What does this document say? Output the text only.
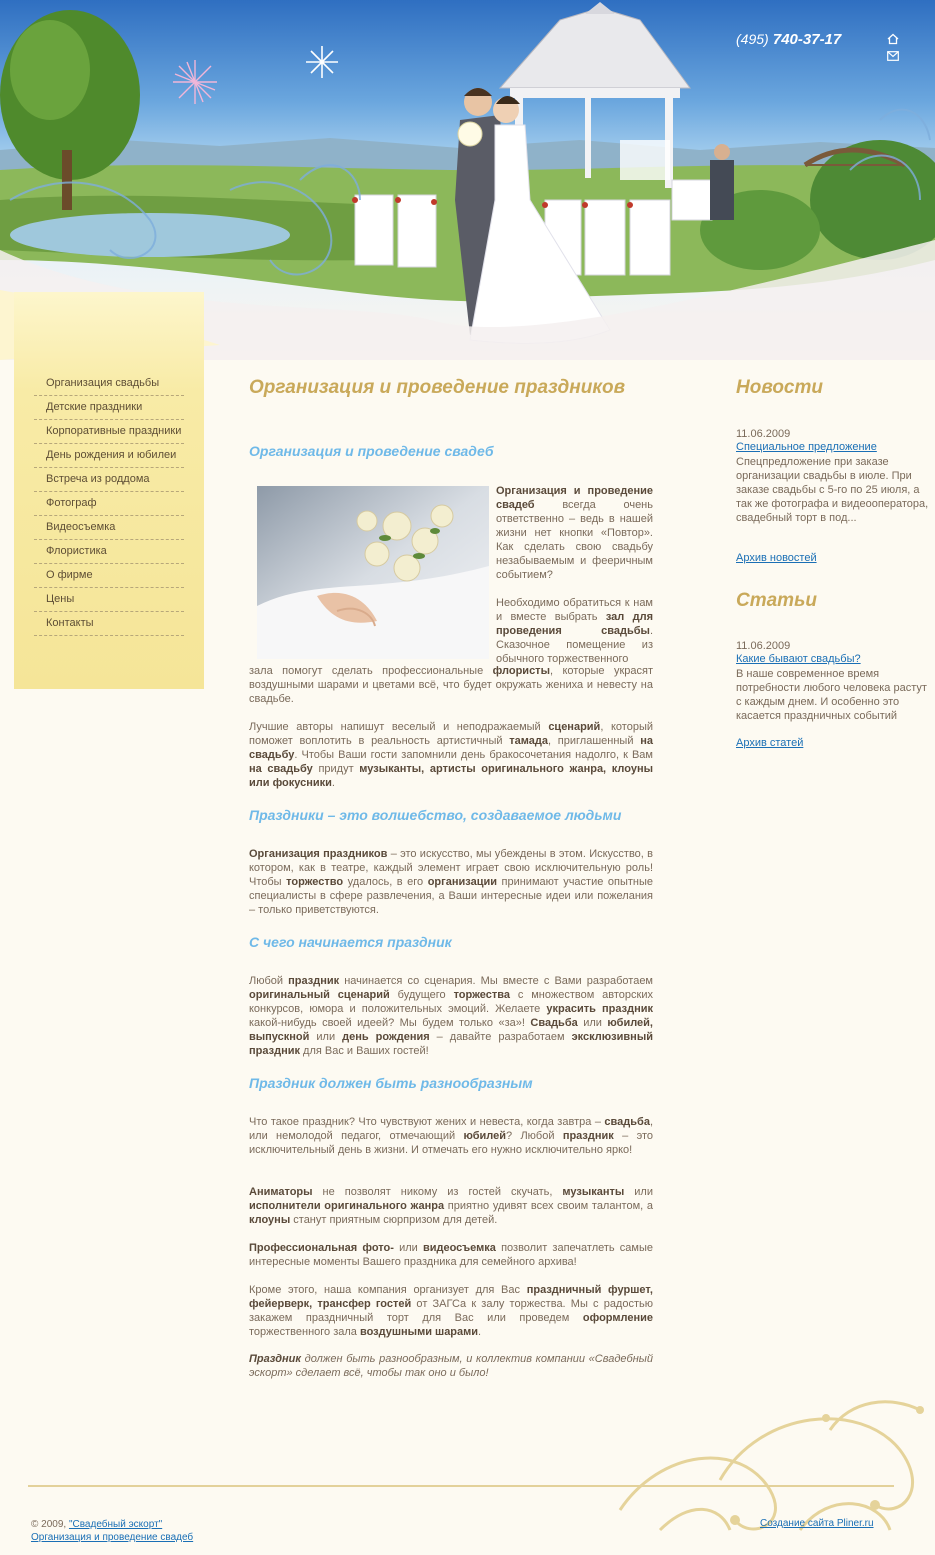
(495) 740-37-17
Организация свадьбы
Детские праздники
Корпоративные праздники
День рождения и юбилеи
Встреча из роддома
Фотограф
Видеосъемка
Флористика
О фирме
Цены
Контакты
Организация и проведение праздников
Организация и проведение свадеб
Организация и проведение свадеб всегда очень ответственно – ведь в нашей жизни нет кнопки «Повтор». Как сделать свою свадьбу незабываемым и фееричным событием?

Необходимо обратиться к нам и вместе выбрать зал для проведения свадьбы. Сказочное помещение из обычного торжественного
зала помогут сделать профессиональные флористы, которые украсят воздушными шарами и цветами всё, что будет окружать жениха и невесту на свадьбе.
Лучшие авторы напишут веселый и неподражаемый сценарий, который поможет воплотить в реальность артистичный тамада, приглашенный на свадьбу. Чтобы Ваши гости запомнили день бракосочетания надолго, к Вам на свадьбу придут музыканты, артисты оригинального жанра, клоуны или фокусники.
Праздники – это волшебство, создаваемое людьми
Организация праздников – это искусство, мы убеждены в этом. Искусство, в котором, как в театре, каждый элемент играет свою исключительную роль! Чтобы торжество удалось, в его организации принимают участие опытные специалисты в сфере развлечения, а Ваши интересные идеи или пожелания – только приветствуются.
С чего начинается праздник
Любой праздник начинается со сценария. Мы вместе с Вами разработаем оригинальный сценарий будущего торжества с множеством авторских конкурсов, юмора и положительных эмоций. Желаете украсить праздник какой-нибудь своей идеей? Мы будем только «за»! Свадьба или юбилей, выпускной или день рождения – давайте разработаем эксклюзивный праздник для Вас и Ваших гостей!
Праздник должен быть разнообразным
Что такое праздник? Что чувствуют жених и невеста, когда завтра – свадьба, или немолодой педагог, отмечающий юбилей? Любой праздник – это исключительный день в жизни. И отмечать его нужно исключительно ярко!
Аниматоры не позволят никому из гостей скучать, музыканты или исполнители оригинального жанра приятно удивят всех своим талантом, а клоуны станут приятным сюрпризом для детей.
Профессиональная фото- или видеосъемка позволит запечатлеть самые интересные моменты Вашего праздника для семейного архива!
Кроме этого, наша компания организует для Вас праздничный фуршет, фейерверк, трансфер гостей от ЗАГСа к залу торжества. Мы с радостью закажем праздничный торт для Вас или проведем оформление торжественного зала воздушными шарами.
Праздник должен быть разнообразным, и коллектив компании «Свадебный эскорт» сделает всё, чтобы так оно и было!
Новости
11.06.2009
Специальное предложение
Спецпредложение при заказе организации свадьбы в июле. При заказе свадьбы с 5-го по 25 июля, а так же фотографа и видеооператора, свадебный торт в под...
Архив новостей
Статьи
11.06.2009
Какие бывают свадьбы?
В наше современное время потребности любого человека растут с каждым днем. И особенно это касается праздничных событий
Архив статей
© 2009, "Свадебный эскорт"
Организация и проведение свадеб
Создание сайта Pliner.ru
